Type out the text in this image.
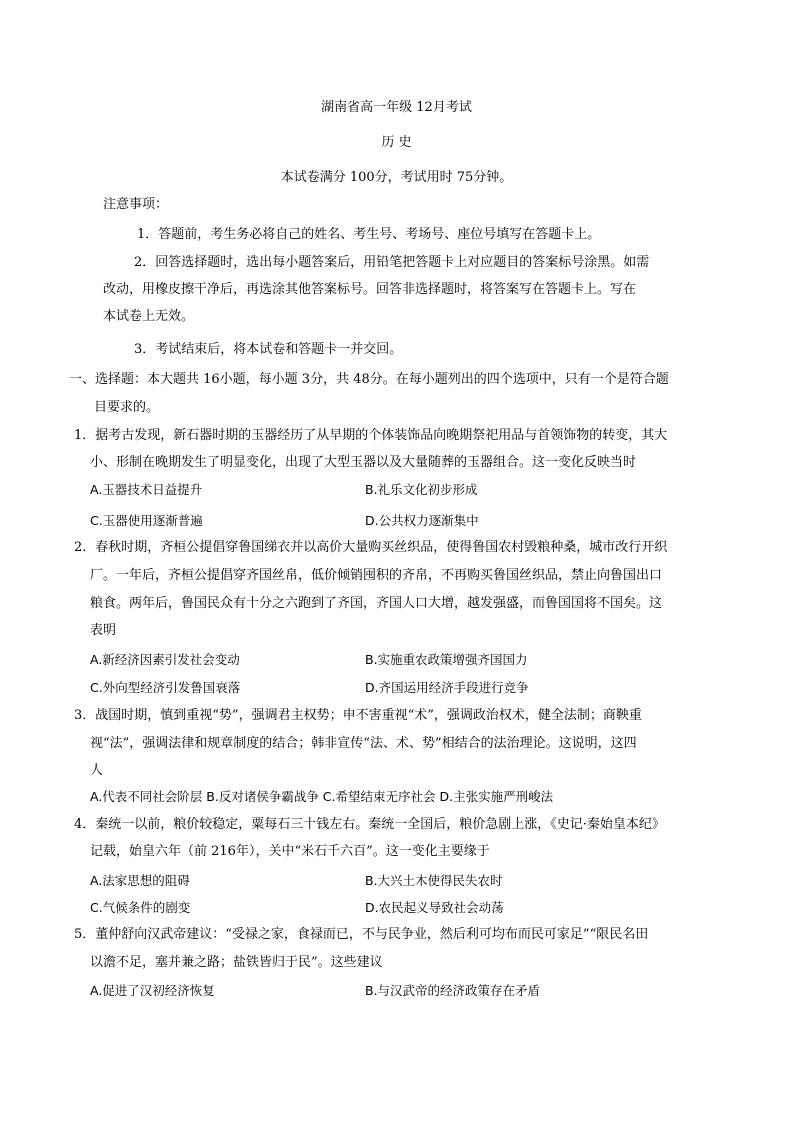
湖南省高一年级 12月考试
历 史
本试卷满分 100分，考试用时 75分钟。
注意事项：
1．答题前，考生务必将自己的姓名、考生号、考场号、座位号填写在答题卡上。
2．回答选择题时，选出每小题答案后，用铅笔把答题卡上对应题目的答案标号涂黑。如需
改动，用橡皮擦干净后，再选涂其他答案标号。回答非选择题时，将答案写在答题卡上。写在
本试卷上无效。
3．考试结束后，将本试卷和答题卡一并交回。
一、选择题：本大题共 16小题，每小题 3分，共 48分。在每小题列出的四个选项中，只有一个是符合题
目要求的。
1．据考古发现，新石器时期的玉器经历了从早期的个体装饰品向晚期祭祀用品与首领饰物的转变，其大
小、形制在晚期发生了明显变化，出现了大型玉器以及大量随葬的玉器组合。这一变化反映当时
A.玉器技术日益提升	B.礼乐文化初步形成
C.玉器使用逐渐普遍	D.公共权力逐渐集中
2．春秋时期，齐桓公提倡穿鲁国绨衣并以高价大量购买丝织品，使得鲁国农村毁粮种桑，城市改行开织
厂。一年后，齐桓公提倡穿齐国丝帛，低价倾销囤积的齐帛，不再购买鲁国丝织品，禁止向鲁国出口
粮食。两年后，鲁国民众有十分之六跑到了齐国，齐国人口大增，越发强盛，而鲁国国将不国矣。这
表明
A.新经济因素引发社会变动	B.实施重农政策增强齐国国力
C.外向型经济引发鲁国衰落	D.齐国运用经济手段进行竞争
3．战国时期，慎到重视“势”，强调君主权势；申不害重视“术”，强调政治权术，健全法制；商鞅重
视“法”，强调法律和规章制度的结合；韩非宣传“法、术、势”相结合的法治理论。这说明，这四
人
A.代表不同社会阶层 B.反对诸侯争霸战争 C.希望结束无序社会 D.主张实施严刑峻法
4．秦统一以前，粮价较稳定，粟每石三十钱左右。秦统一全国后，粮价急剧上涨，《史记·秦始皇本纪》
记载，始皇六年（前 216年），关中“米石千六百”。这一变化主要缘于
A.法家思想的阻碍	B.大兴土木使得民失农时
C.气候条件的剧变	D.农民起义导致社会动荡
5．董仲舒向汉武帝建议：“受禄之家，食禄而已，不与民争业，然后利可均布而民可家足”“限民名田
以澹不足，塞并兼之路；盐铁皆归于民”。这些建议
A.促进了汉初经济恢复	B.与汉武帝的经济政策存在矛盾
